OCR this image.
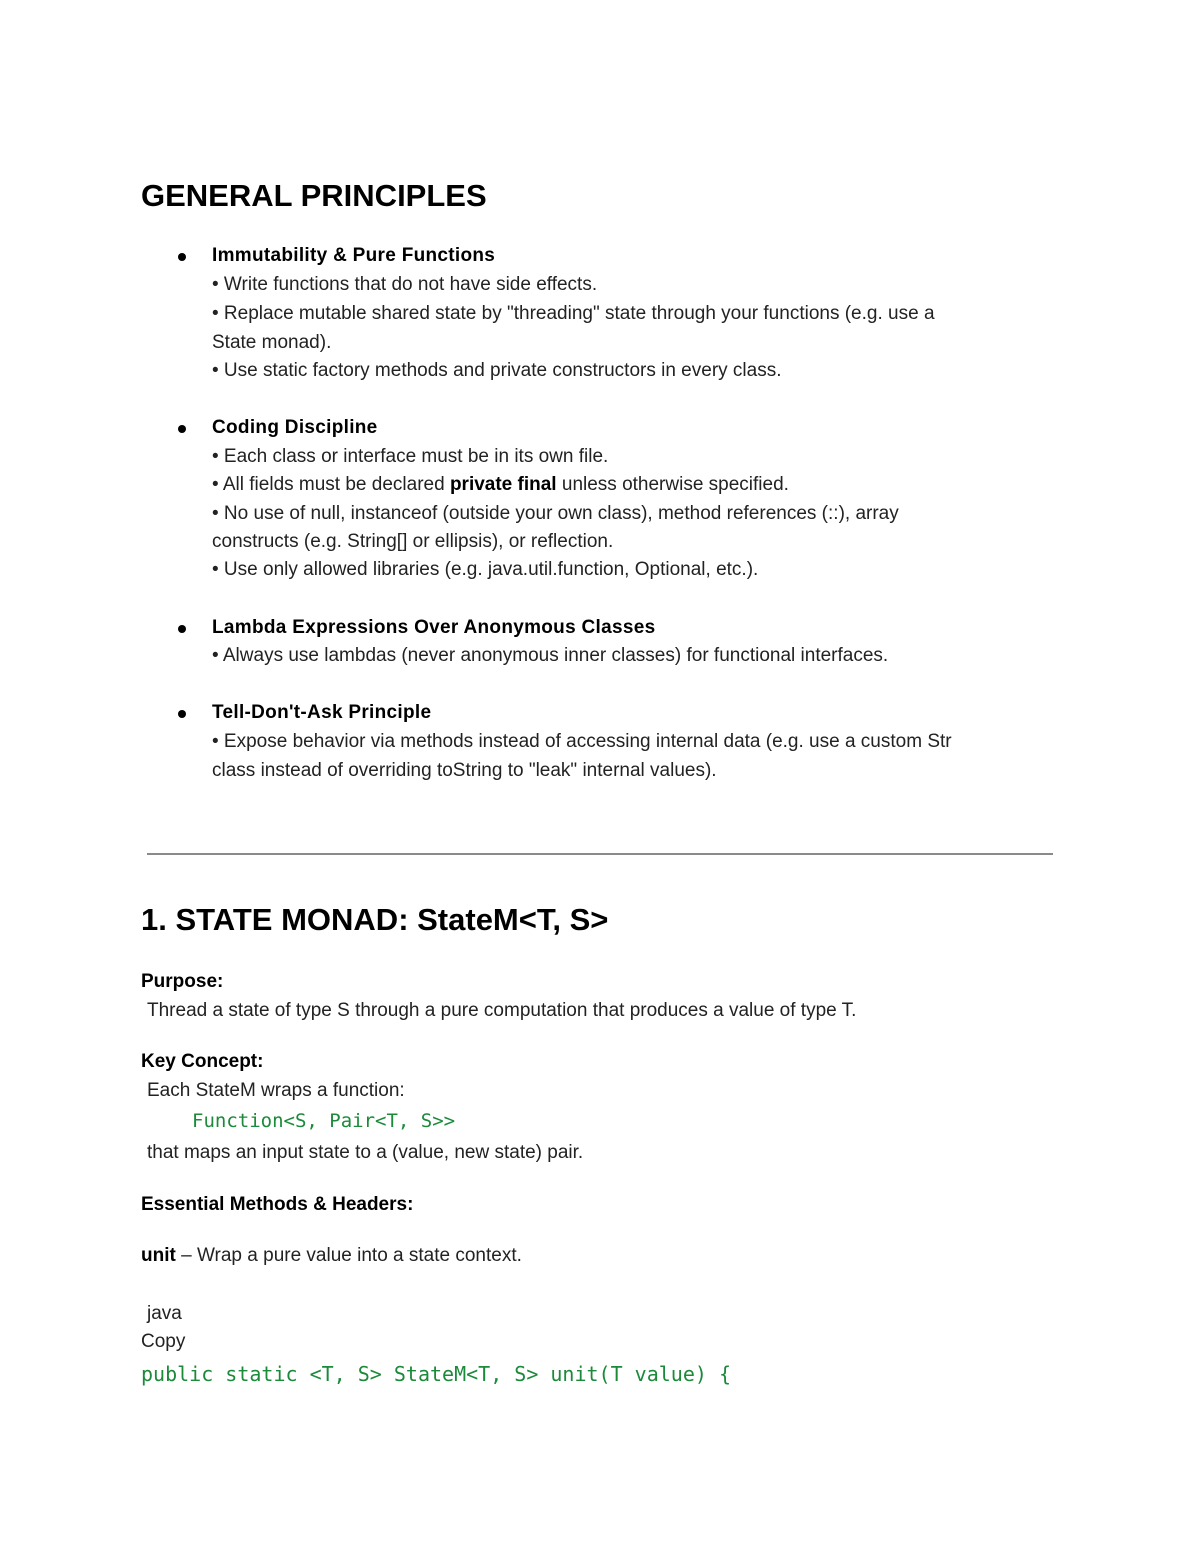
GENERAL PRINCIPLES
Immutability & Pure Functions
• Write functions that do not have side effects.
• Replace mutable shared state by "threading" state through your functions (e.g. use a
State monad).
• Use static factory methods and private constructors in every class.
Coding Discipline
• Each class or interface must be in its own file.
• All fields must be declared private final unless otherwise specified.
• No use of null, instanceof (outside your own class), method references (::), array
constructs (e.g. String[] or ellipsis), or reflection.
• Use only allowed libraries (e.g. java.util.function, Optional, etc.).
Lambda Expressions Over Anonymous Classes
• Always use lambdas (never anonymous inner classes) for functional interfaces.
Tell-Don't-Ask Principle
• Expose behavior via methods instead of accessing internal data (e.g. use a custom Str
class instead of overriding toString to "leak" internal values).
1. STATE MONAD: StateM<T, S>
Purpose:
Thread a state of type S through a pure computation that produces a value of type T.
Key Concept:
Each StateM wraps a function:
Function<S, Pair<T, S>>
that maps an input state to a (value, new state) pair.
Essential Methods & Headers:
unit – Wrap a pure value into a state context.
java
Copy
public static <T, S> StateM<T, S> unit(T value) {
